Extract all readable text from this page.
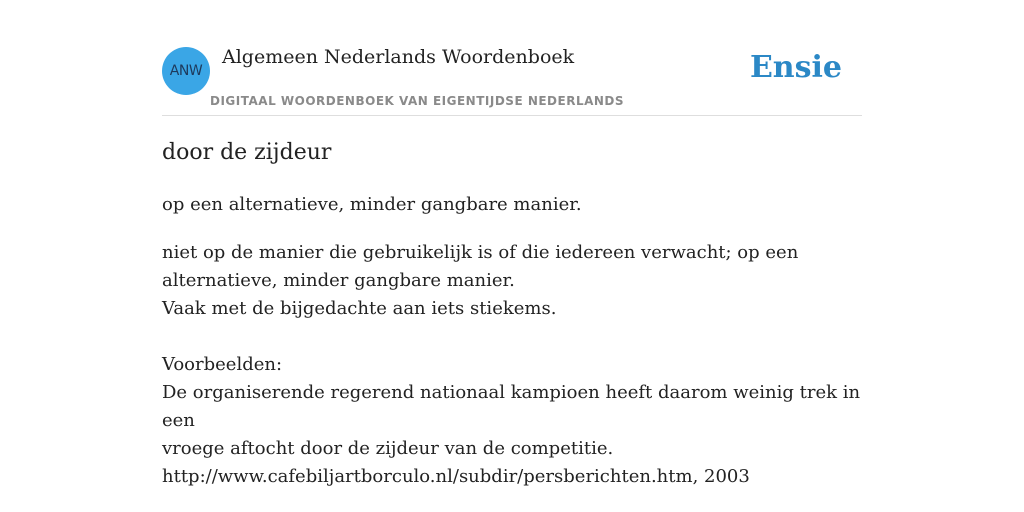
ANW
Algemeen Nederlands Woordenboek
DIGITAAL WOORDENBOEK VAN EIGENTIJDSE NEDERLANDS
Ensie
door de zijdeur
op een alternatieve, minder gangbare manier.
niet op de manier die gebruikelijk is of die iedereen verwacht; op een
alternatieve, minder gangbare manier.
Vaak met de bijgedachte aan iets stiekems.
Voorbeelden:
De organiserende regerend nationaal kampioen heeft daarom weinig trek in een
vroege aftocht door de zijdeur van de competitie.
http://www.cafebiljartborculo.nl/subdir/persberichten.htm, 2003
